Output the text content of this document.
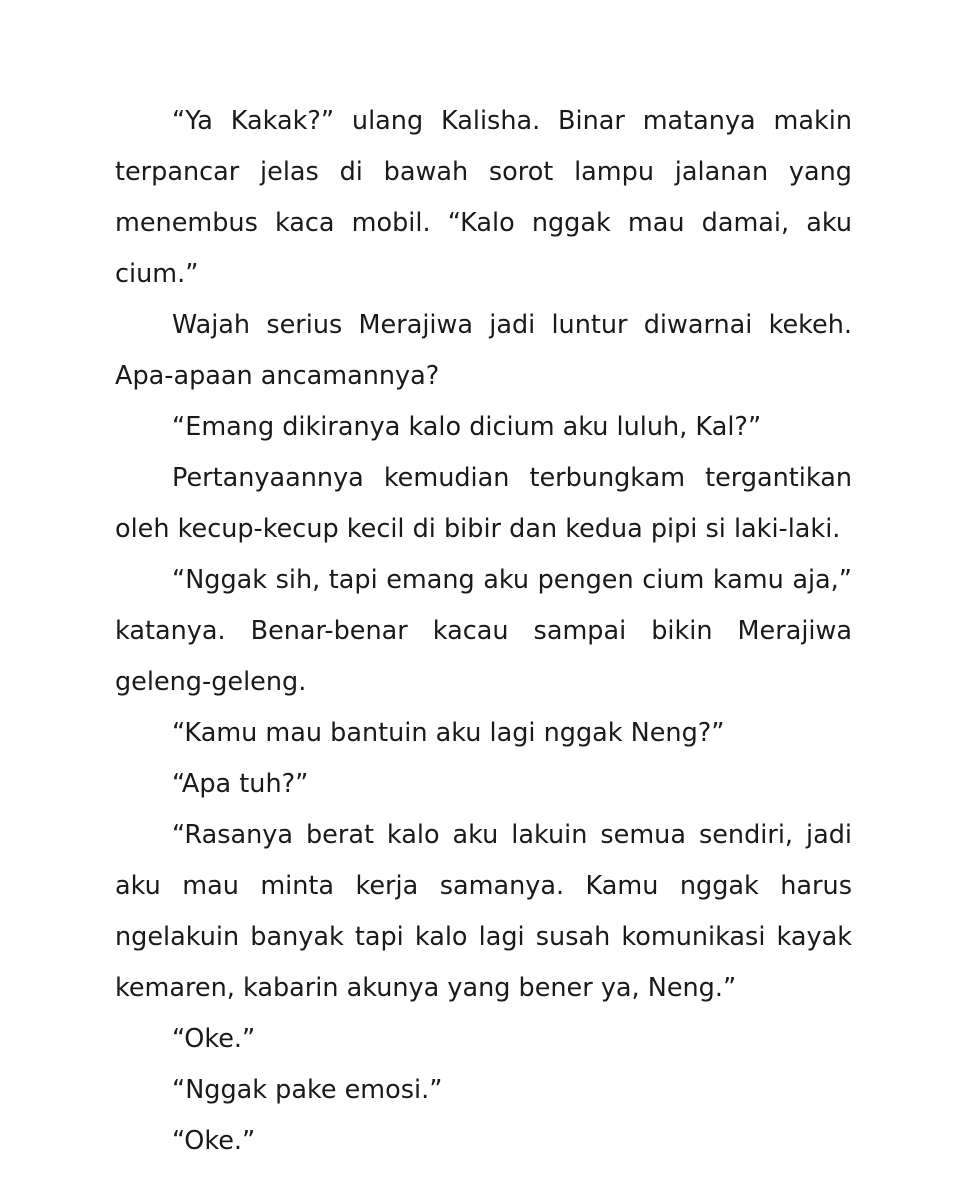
“Ya Kakak?” ulang Kalisha. Binar matanya makin terpancar jelas di bawah sorot lampu jalanan yang menembus kaca mobil. “Kalo nggak mau damai, aku cium.”

Wajah serius Merajiwa jadi luntur diwarnai kekeh. Apa-apaan ancamannya?

“Emang dikiranya kalo dicium aku luluh, Kal?”

Pertanyaannya kemudian terbungkam tergantikan oleh kecup-kecup kecil di bibir dan kedua pipi si laki-laki.

“Nggak sih, tapi emang aku pengen cium kamu aja,” katanya. Benar-benar kacau sampai bikin Merajiwa geleng-geleng.

“Kamu mau bantuin aku lagi nggak Neng?”

“Apa tuh?”

“Rasanya berat kalo aku lakuin semua sendiri, jadi aku mau minta kerja samanya. Kamu nggak harus ngelakuin banyak tapi kalo lagi susah komunikasi kayak kemaren, kabarin akunya yang bener ya, Neng.”

“Oke.”

“Nggak pake emosi.”

“Oke.”
